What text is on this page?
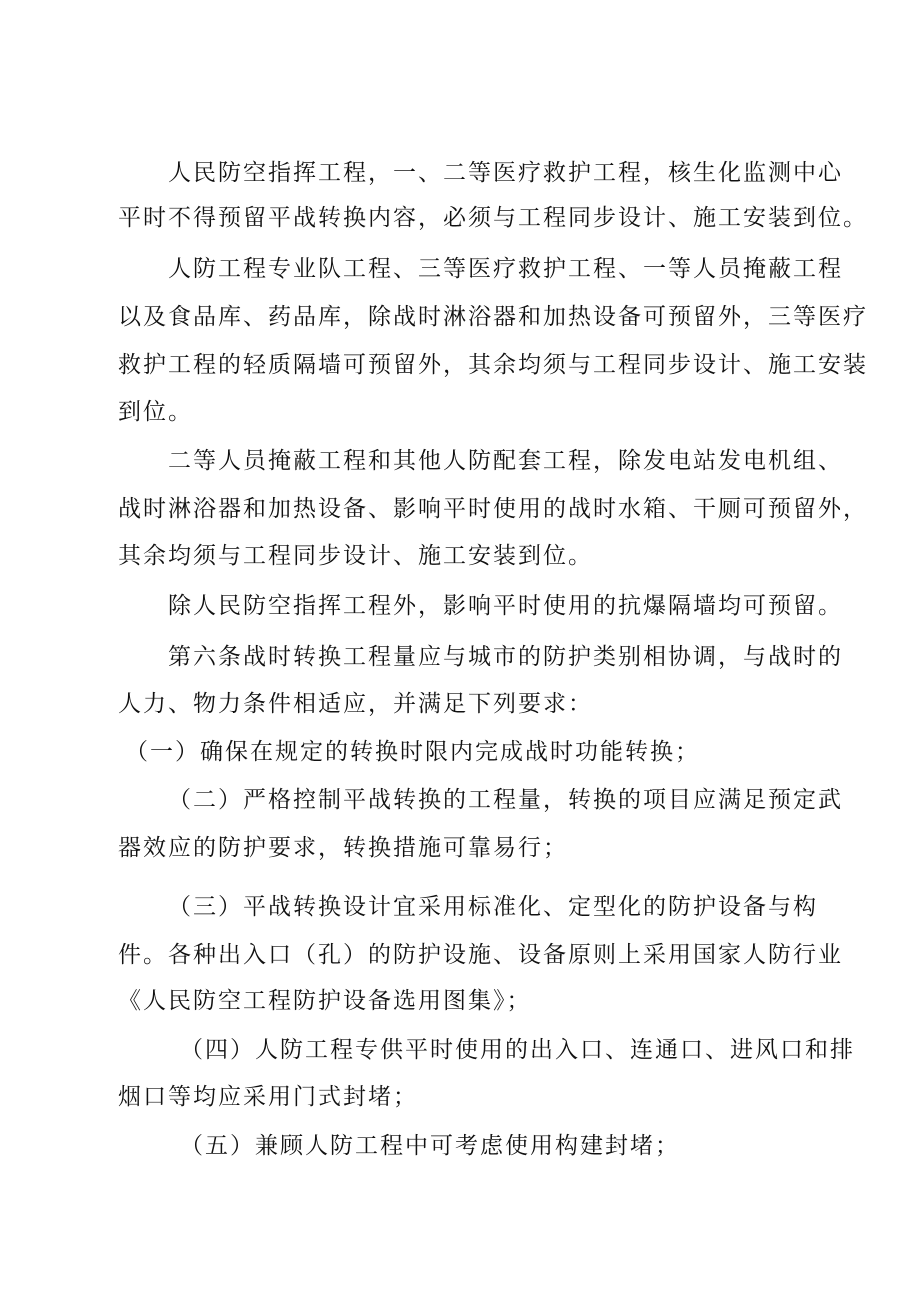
人民防空指挥工程，一、二等医疗救护工程，核生化监测中心
平时不得预留平战转换内容，必须与工程同步设计、施工安装到位。
人防工程专业队工程、三等医疗救护工程、一等人员掩蔽工程
以及食品库、药品库，除战时淋浴器和加热设备可预留外，三等医疗
救护工程的轻质隔墙可预留外，其余均须与工程同步设计、施工安装
到位。
二等人员掩蔽工程和其他人防配套工程，除发电站发电机组、
战时淋浴器和加热设备、影响平时使用的战时水箱、干厕可预留外，
其余均须与工程同步设计、施工安装到位。
除人民防空指挥工程外，影响平时使用的抗爆隔墙均可预留。
第六条战时转换工程量应与城市的防护类别相协调，与战时的
人力、物力条件相适应，并满足下列要求：
（一）确保在规定的转换时限内完成战时功能转换；
（二）严格控制平战转换的工程量，转换的项目应满足预定武
器效应的防护要求，转换措施可靠易行；
（三）平战转换设计宜采用标准化、定型化的防护设备与构
件。各种出入口（孔）的防护设施、设备原则上采用国家人防行业
《人民防空工程防护设备选用图集》；
（四）人防工程专供平时使用的出入口、连通口、进风口和排
烟口等均应采用门式封堵；
（五）兼顾人防工程中可考虑使用构建封堵；
